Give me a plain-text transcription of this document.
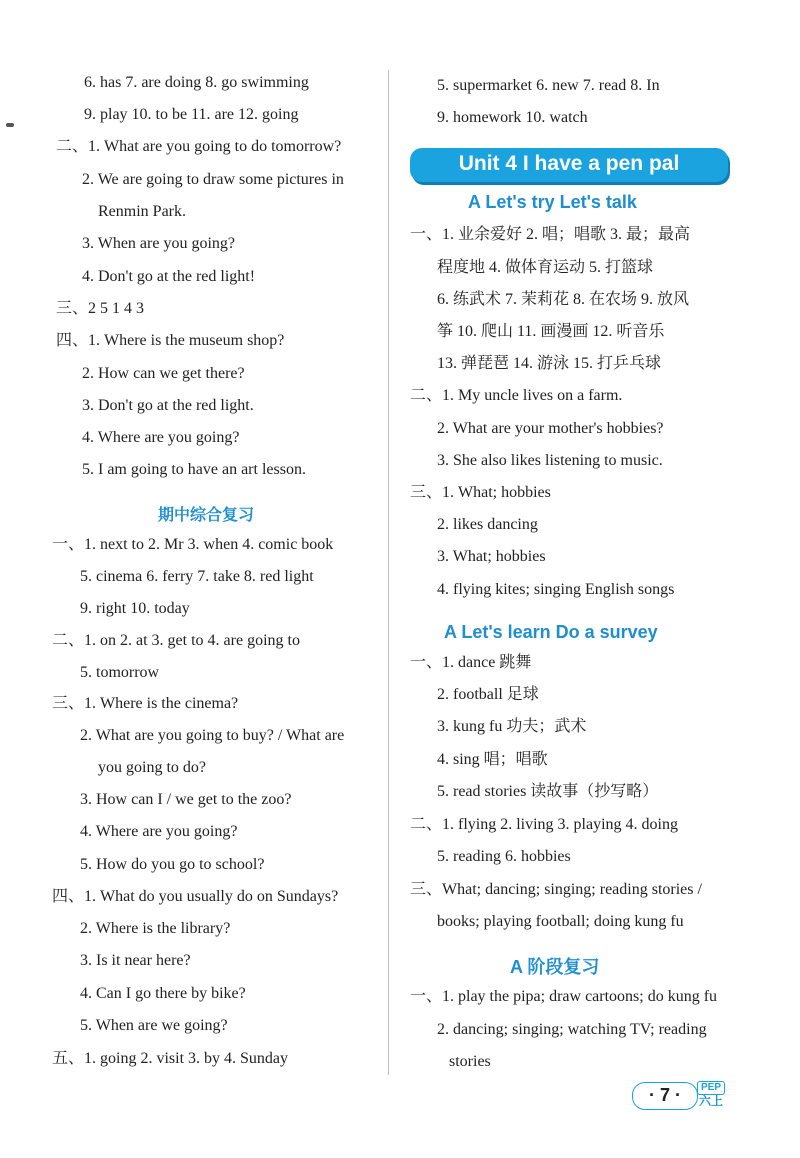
6. has 7. are doing 8. go swimming
9. play 10. to be 11. are 12. going
二、1. What are you going to do tomorrow?
2. We are going to draw some pictures in
Renmin Park.
3. When are you going?
4. Don't go at the red light!
三、2 5 1 4 3
四、1. Where is the museum shop?
2. How can we get there?
3. Don't go at the red light.
4. Where are you going?
5. I am going to have an art lesson.
期中综合复习
一、1. next to 2. Mr 3. when 4. comic book
5. cinema 6. ferry 7. take 8. red light
9. right 10. today
二、1. on 2. at 3. get to 4. are going to
5. tomorrow
三、1. Where is the cinema?
2. What are you going to buy? / What are
you going to do?
3. How can I / we get to the zoo?
4. Where are you going?
5. How do you go to school?
四、1. What do you usually do on Sundays?
2. Where is the library?
3. Is it near here?
4. Can I go there by bike?
5. When are we going?
五、1. going 2. visit 3. by 4. Sunday
5. supermarket 6. new 7. read 8. In
9. homework 10. watch
Unit 4 I have a pen pal
A Let's try Let's talk
一、1. 业余爱好 2. 唱；唱歌 3. 最；最高
程度地 4. 做体育运动 5. 打篮球
6. 练武术 7. 茉莉花 8. 在农场 9. 放风
筝 10. 爬山 11. 画漫画 12. 听音乐
13. 弹琵琶 14. 游泳 15. 打乒乓球
二、1. My uncle lives on a farm.
2. What are your mother's hobbies?
3. She also likes listening to music.
三、1. What; hobbies
2. likes dancing
3. What; hobbies
4. flying kites; singing English songs
A Let's learn Do a survey
一、1. dance 跳舞
2. football 足球
3. kung fu 功夫；武术
4. sing 唱；唱歌
5. read stories 读故事（抄写略）
二、1. flying 2. living 3. playing 4. doing
5. reading 6. hobbies
三、What; dancing; singing; reading stories /
books; playing football; doing kung fu
A 阶段复习
一、1. play the pipa; draw cartoons; do kung fu
2. dancing; singing; watching TV; reading
stories
· 7 ·	PEP
六上
